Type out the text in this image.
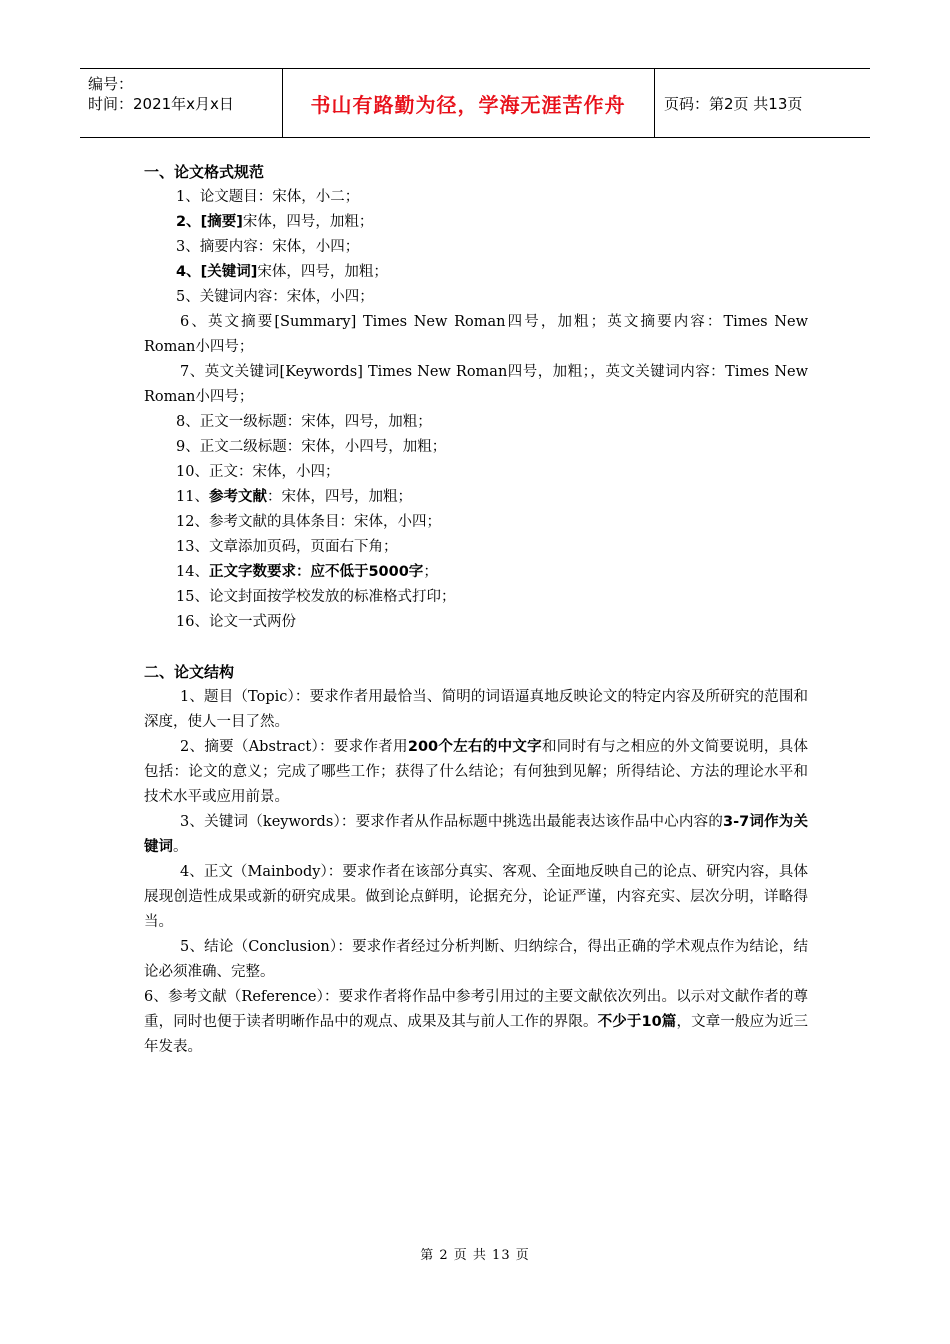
编号：
时间：2021年x月x日	书山有路勤为径，学海无涯苦作舟	页码：第2页 共13页
一、论文格式规范
1、论文题目：宋体，小二；
2、[摘要]宋体，四号，加粗；
3、摘要内容：宋体，小四；
4、[关键词]宋体，四号，加粗；
5、关键词内容：宋体，小四；
6、英文摘要[Summary] Times New Roman四号，加粗；英文摘要内容：Times New Roman小四号；
7、英文关键词[Keywords] Times New Roman四号，加粗；，英文关键词内容：Times New Roman小四号；
8、正文一级标题：宋体，四号，加粗；
9、正文二级标题：宋体，小四号，加粗；
10、正文：宋体，小四；
11、参考文献：宋体，四号，加粗；
12、参考文献的具体条目：宋体，小四；
13、文章添加页码，页面右下角；
14、正文字数要求：应不低于5000字；
15、论文封面按学校发放的标准格式打印；
16、论文一式两份
二、论文结构
1、题目（Topic）：要求作者用最恰当、简明的词语逼真地反映论文的特定内容及所研究的范围和深度，使人一目了然。
2、摘要（Abstract）：要求作者用200个左右的中文字和同时有与之相应的外文简要说明，具体包括：论文的意义；完成了哪些工作；获得了什么结论；有何独到见解；所得结论、方法的理论水平和技术水平或应用前景。
3、关键词（keywords）：要求作者从作品标题中挑选出最能表达该作品中心内容的3-7词作为关键词。
4、正文（Mainbody）：要求作者在该部分真实、客观、全面地反映自己的论点、研究内容，具体展现创造性成果或新的研究成果。做到论点鲜明，论据充分，论证严谨，内容充实、层次分明，详略得当。
5、结论（Conclusion）：要求作者经过分析判断、归纳综合，得出正确的学术观点作为结论，结论必须准确、完整。
6、参考文献（Reference）：要求作者将作品中参考引用过的主要文献依次列出。以示对文献作者的尊重，同时也便于读者明晰作品中的观点、成果及其与前人工作的界限。不少于10篇，文章一般应为近三年发表。
第 2 页 共 13 页
